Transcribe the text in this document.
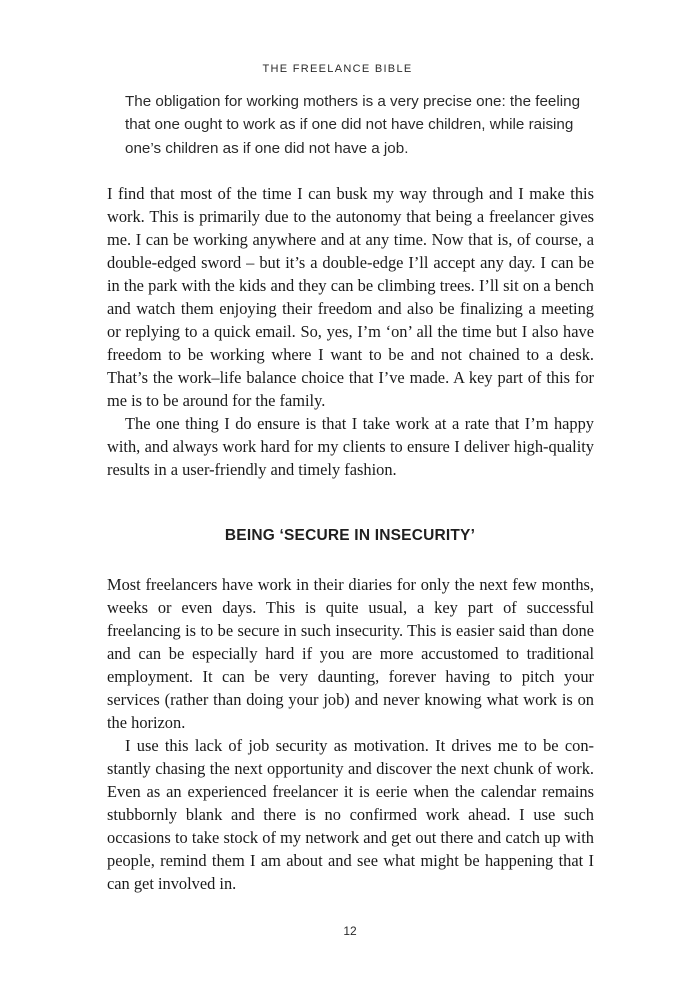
THE FREELANCE BIBLE
The obligation for working mothers is a very precise one: the feeling that one ought to work as if one did not have children, while raising one’s children as if one did not have a job.

I find that most of the time I can busk my way through and I make this work. This is primarily due to the autonomy that being a freelancer gives me. I can be working anywhere and at any time. Now that is, of course, a double-edged sword – but it’s a double-edge I’ll accept any day. I can be in the park with the kids and they can be climbing trees. I’ll sit on a bench and watch them enjoying their freedom and also be finalizing a meeting or replying to a quick email. So, yes, I’m ‘on’ all the time but I also have freedom to be working where I want to be and not chained to a desk. That’s the work–life balance choice that I’ve made. A key part of this for me is to be around for the family.

The one thing I do ensure is that I take work at a rate that I’m happy with, and always work hard for my clients to ensure I deliver high-quality results in a user-friendly and timely fashion.

BEING ‘SECURE IN INSECURITY’

Most freelancers have work in their diaries for only the next few months, weeks or even days. This is quite usual, a key part of successful freelancing is to be secure in such insecurity. This is easier said than done and can be especially hard if you are more accustomed to traditional employment. It can be very daunting, forever having to pitch your services (rather than doing your job) and never knowing what work is on the horizon.

I use this lack of job security as motivation. It drives me to be constantly chasing the next opportunity and discover the next chunk of work. Even as an experienced freelancer it is eerie when the calendar remains stubbornly blank and there is no confirmed work ahead. I use such occasions to take stock of my network and get out there and catch up with people, remind them I am about and see what might be happening that I can get involved in.

12
